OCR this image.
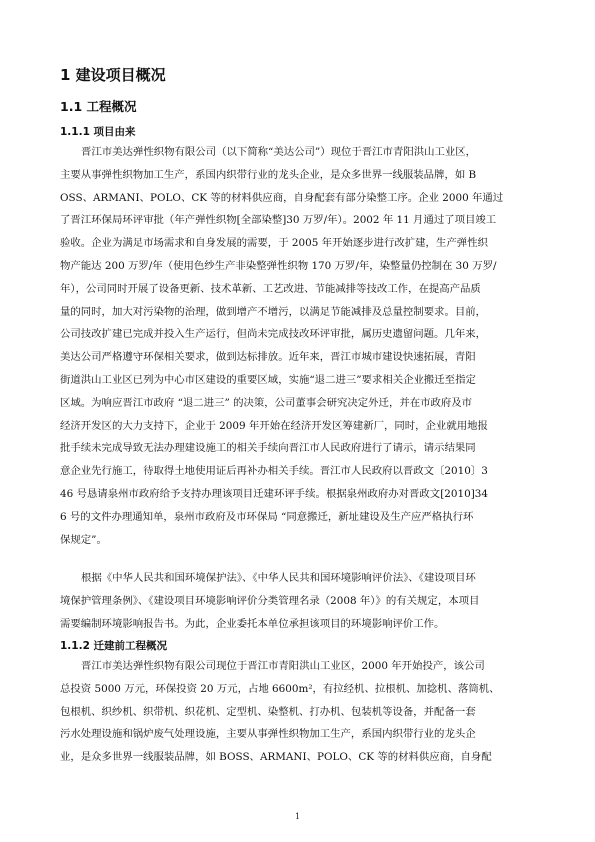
1 建设项目概况
1.1 工程概况
1.1.1 项目由来
晋江市美达弹性织物有限公司（以下简称“美达公司”）现位于晋江市青阳洪山工业区，
主要从事弹性织物加工生产，系国内织带行业的龙头企业，是众多世界一线服装品牌，如 B
OSS、ARMANI、POLO、CK 等的材料供应商，自身配套有部分染整工序。企业 2000 年通过
了晋江环保局环评审批（年产弹性织物[全部染整]30 万罗/年）。2002 年 11 月通过了项目竣工
验收。企业为满足市场需求和自身发展的需要，于 2005 年开始逐步进行改扩建，生产弹性织
物产能达 200 万罗/年（使用色纱生产非染整弹性织物 170 万罗/年，染整量仍控制在 30 万罗/
年），公司同时开展了设备更新、技术革新、工艺改进、节能减排等技改工作，在提高产品质
量的同时，加大对污染物的治理，做到增产不增污，以满足节能减排及总量控制要求。目前，
公司技改扩建已完成并投入生产运行，但尚未完成技改环评审批，属历史遗留问题。几年来，
美达公司严格遵守环保相关要求，做到达标排放。近年来，晋江市城市建设快速拓展，青阳
街道洪山工业区已列为中心市区建设的重要区域，实施“退二进三”要求相关企业搬迁至指定
区域。为响应晋江市政府 “退二进三” 的决策，公司董事会研究决定外迁，并在市政府及市
经济开发区的大力支持下，企业于 2009 年开始在经济开发区筹建新厂，同时，企业就用地报
批手续未完成导致无法办理建设施工的相关手续向晋江市人民政府进行了请示，请示结果同
意企业先行施工，待取得土地使用证后再补办相关手续。晋江市人民政府以晋政文〔2010〕3
46 号恳请泉州市政府给予支持办理该项目迁建环评手续。根据泉州政府办对晋政文[2010]34
6 号的文件办理通知单，泉州市政府及市环保局 “同意搬迁，新址建设及生产应严格执行环
保规定”。
根据《中华人民共和国环境保护法》、《中华人民共和国环境影响评价法》、《建设项目环
境保护管理条例》、《建设项目环境影响评价分类管理名录（2008 年）》的有关规定，本项目
需要编制环境影响报告书。为此，企业委托本单位承担该项目的环境影响评价工作。
1.1.2 迁建前工程概况
晋江市美达弹性织物有限公司现位于晋江市青阳洪山工业区，2000 年开始投产，该公司
总投资 5000 万元，环保投资 20 万元，占地 6600m²，有拉经机、拉根机、加捻机、落筒机、
包根机、织纱机、织带机、织花机、定型机、染整机、打办机、包装机等设备，并配备一套
污水处理设施和锅炉废气处理设施，主要从事弹性织物加工生产，系国内织带行业的龙头企
业，是众多世界一线服装品牌，如 BOSS、ARMANI、POLO、CK 等的材料供应商，自身配
1
